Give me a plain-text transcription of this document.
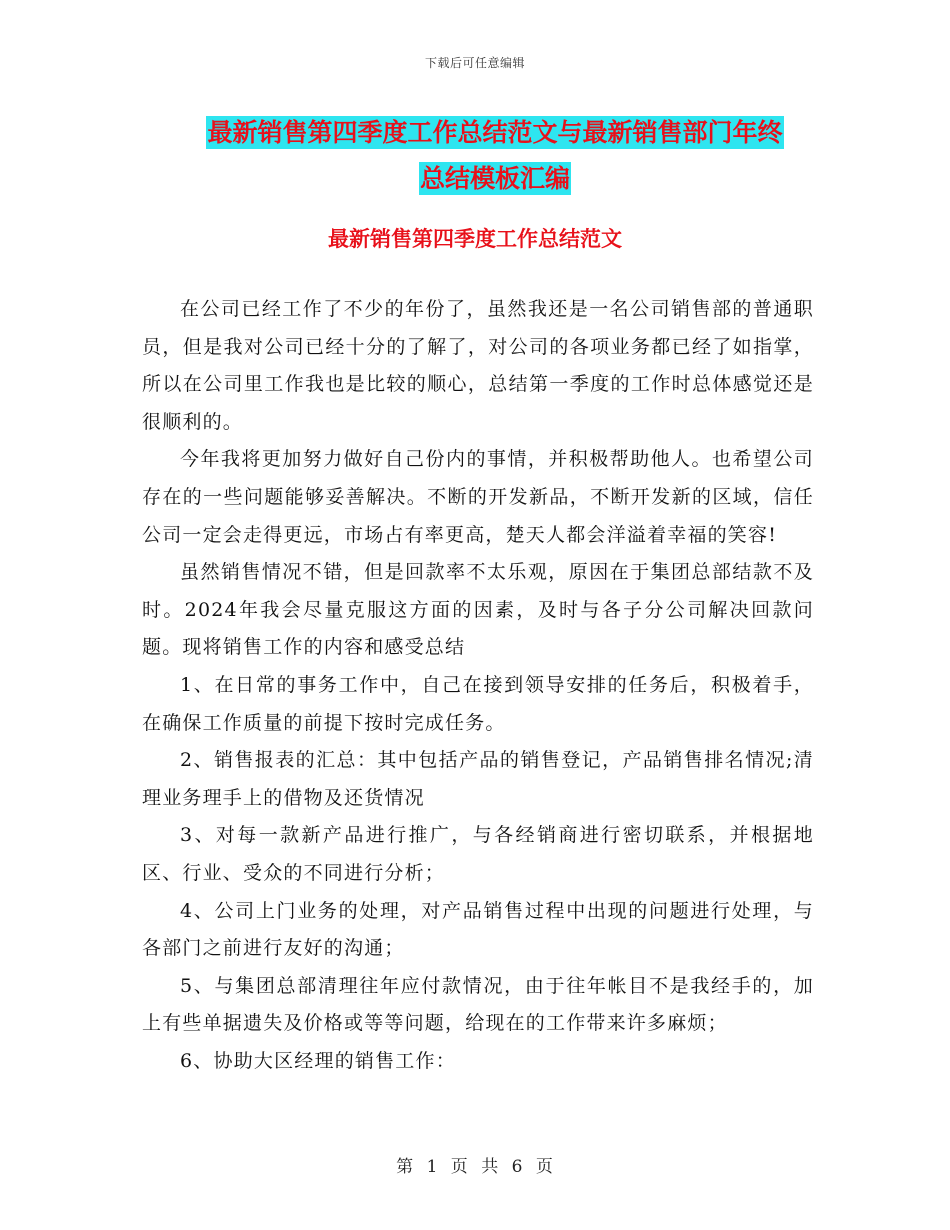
下载后可任意编辑
最新销售第四季度工作总结范文与最新销售部门年终
总结模板汇编
最新销售第四季度工作总结范文

在公司已经工作了不少的年份了，虽然我还是一名公司销售部的普通职员，但是我对公司已经十分的了解了，对公司的各项业务都已经了如指掌，所以在公司里工作我也是比较的顺心，总结第一季度的工作时总体感觉还是很顺利的。

今年我将更加努力做好自己份内的事情，并积极帮助他人。也希望公司存在的一些问题能够妥善解决。不断的开发新品，不断开发新的区域，信任公司一定会走得更远，市场占有率更高，楚天人都会洋溢着幸福的笑容!

虽然销售情况不错，但是回款率不太乐观，原因在于集团总部结款不及时。2024年我会尽量克服这方面的因素，及时与各子分公司解决回款问题。现将销售工作的内容和感受总结

1、在日常的事务工作中，自己在接到领导安排的任务后，积极着手，在确保工作质量的前提下按时完成任务。

2、销售报表的汇总：其中包括产品的销售登记，产品销售排名情况;清理业务理手上的借物及还货情况

3、对每一款新产品进行推广，与各经销商进行密切联系，并根据地区、行业、受众的不同进行分析；

4、公司上门业务的处理，对产品销售过程中出现的问题进行处理，与各部门之前进行友好的沟通；

5、与集团总部清理往年应付款情况，由于往年帐目不是我经手的，加上有些单据遗失及价格或等等问题，给现在的工作带来许多麻烦；

6、协助大区经理的销售工作：

第 1 页 共 6 页
